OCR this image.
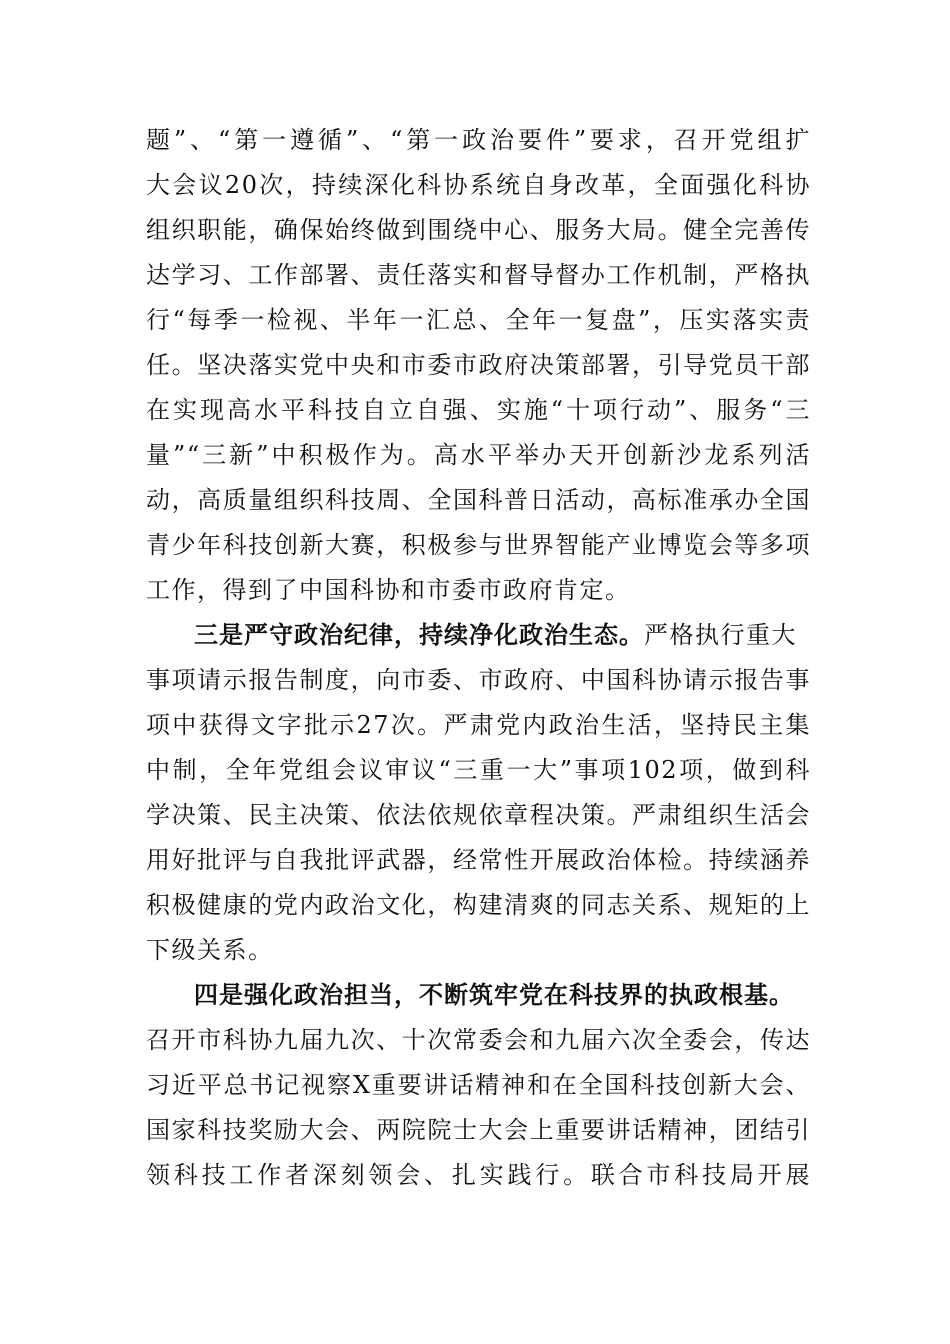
题”、“第一遵循”、“第一政治要件”要求，召开党组扩
大会议20次，持续深化科协系统自身改革，全面强化科协
组织职能，确保始终做到围绕中心、服务大局。健全完善传
达学习、工作部署、责任落实和督导督办工作机制，严格执
行“每季一检视、半年一汇总、全年一复盘”，压实落实责
任。坚决落实党中央和市委市政府决策部署，引导党员干部
在实现高水平科技自立自强、实施“十项行动”、服务“三
量”“三新”中积极作为。高水平举办天开创新沙龙系列活
动，高质量组织科技周、全国科普日活动，高标准承办全国
青少年科技创新大赛，积极参与世界智能产业博览会等多项
工作，得到了中国科协和市委市政府肯定。
三是严守政治纪律，持续净化政治生态。严格执行重大
事项请示报告制度，向市委、市政府、中国科协请示报告事
项中获得文字批示27次。严肃党内政治生活，坚持民主集
中制，全年党组会议审议“三重一大”事项102项，做到科
学决策、民主决策、依法依规依章程决策。严肃组织生活会
用好批评与自我批评武器，经常性开展政治体检。持续涵养
积极健康的党内政治文化，构建清爽的同志关系、规矩的上
下级关系。
四是强化政治担当，不断筑牢党在科技界的执政根基。
召开市科协九届九次、十次常委会和九届六次全委会，传达
习近平总书记视察X重要讲话精神和在全国科技创新大会、
国家科技奖励大会、两院院士大会上重要讲话精神，团结引
领科技工作者深刻领会、扎实践行。联合市科技局开展
